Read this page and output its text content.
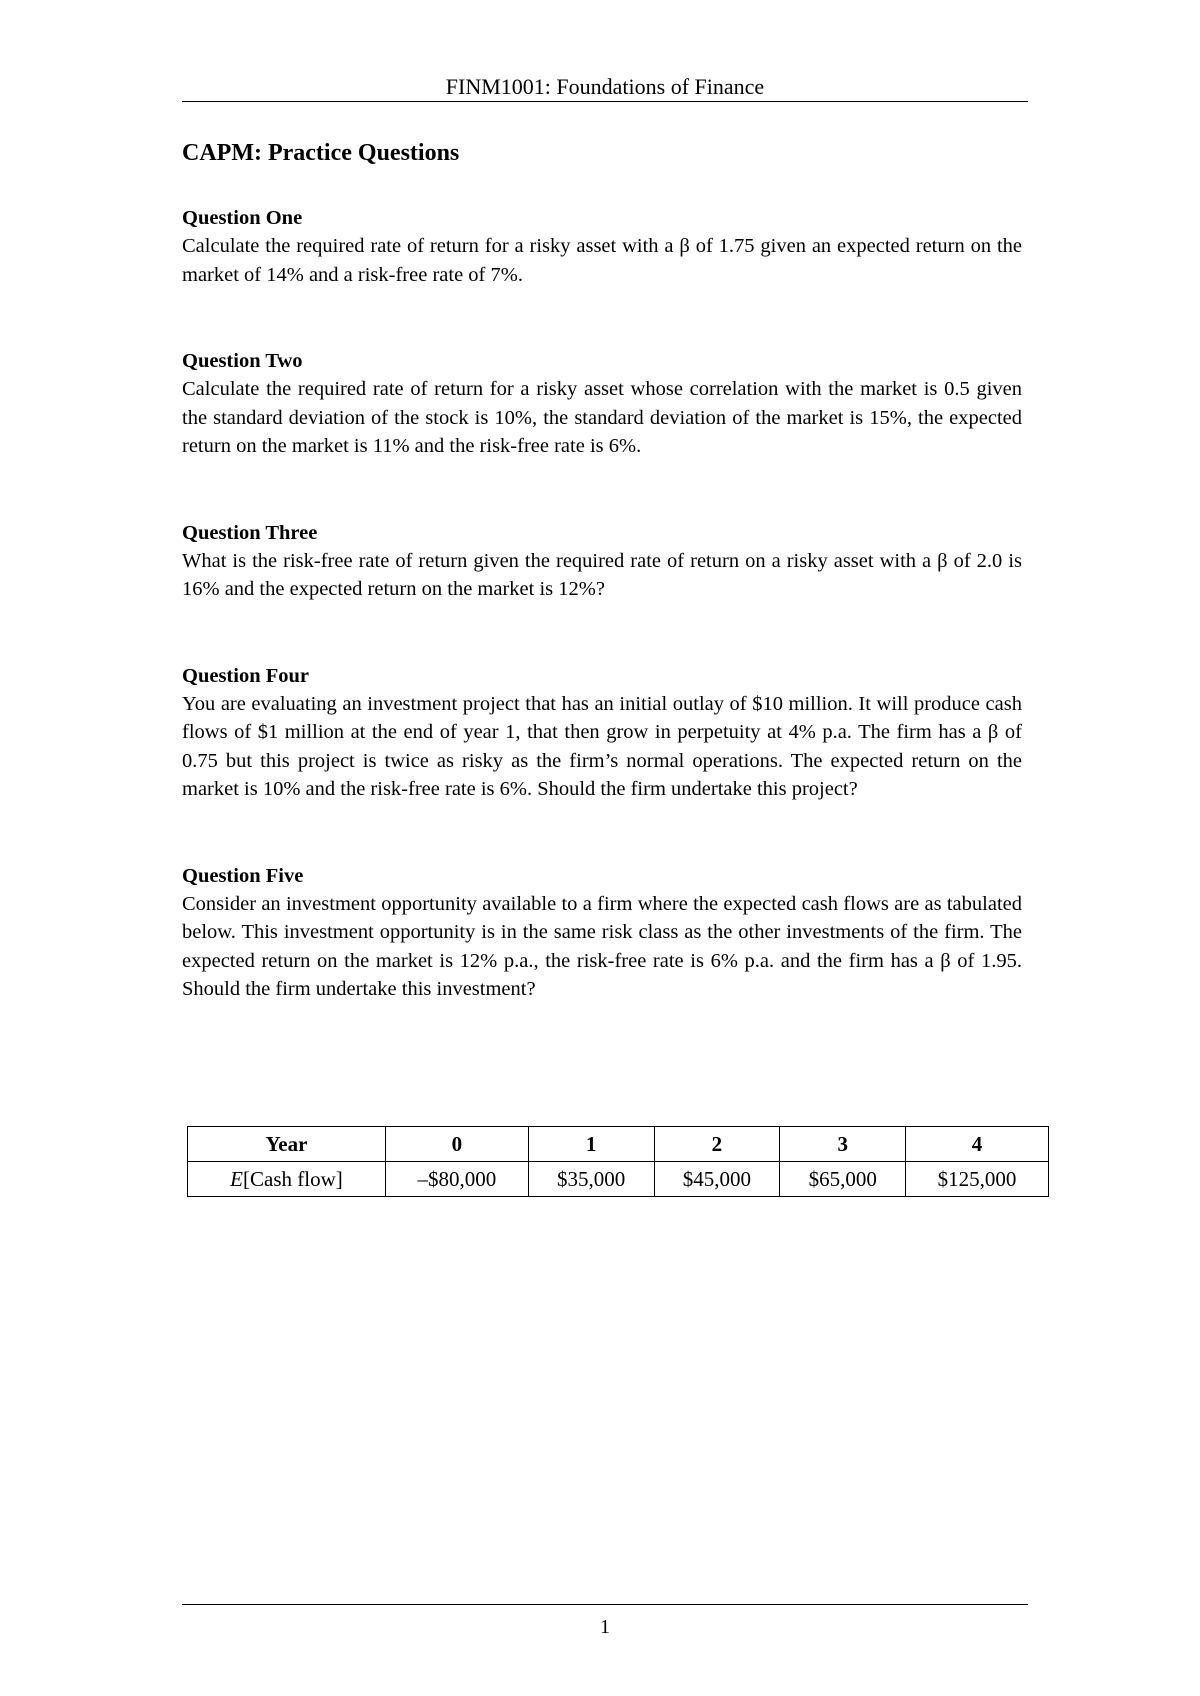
FINM1001: Foundations of Finance
CAPM: Practice Questions

Question One

Calculate the required rate of return for a risky asset with a β of 1.75 given an expected return on the market of 14% and a risk-free rate of 7%.

Question Two

Calculate the required rate of return for a risky asset whose correlation with the market is 0.5 given the standard deviation of the stock is 10%, the standard deviation of the market is 15%, the expected return on the market is 11% and the risk-free rate is 6%.

Question Three

What is the risk-free rate of return given the required rate of return on a risky asset with a β of 2.0 is 16% and the expected return on the market is 12%?

Question Four

You are evaluating an investment project that has an initial outlay of $10 million. It will produce cash flows of $1 million at the end of year 1, that then grow in perpetuity at 4% p.a. The firm has a β of 0.75 but this project is twice as risky as the firm’s normal operations. The expected return on the market is 10% and the risk-free rate is 6%. Should the firm undertake this project?

Question Five

Consider an investment opportunity available to a firm where the expected cash flows are as tabulated below. This investment opportunity is in the same risk class as the other investments of the firm. The expected return on the market is 12% p.a., the risk-free rate is 6% p.a. and the firm has a β of 1.95. Should the firm undertake this investment?

Year	0	1	2	3	4
E[Cash flow]	–$80,000	$35,000	$45,000	$65,000	$125,000
1
